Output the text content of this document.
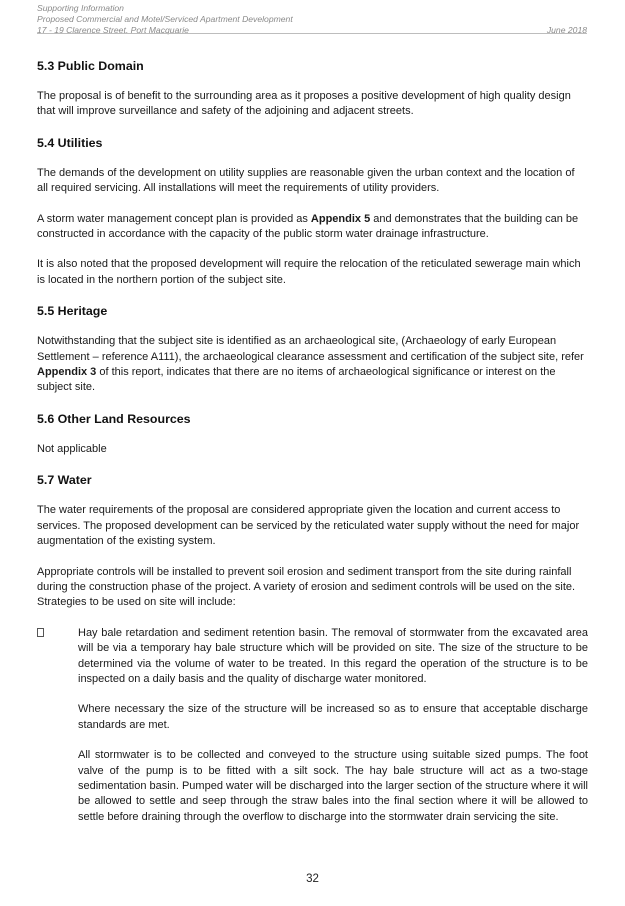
Supporting Information
Proposed Commercial and Motel/Serviced Apartment Development
17 - 19 Clarence Street, Port Macquarie	June 2018
5.3 Public Domain

The proposal is of benefit to the surrounding area as it proposes a positive development of high quality design that will improve surveillance and safety of the adjoining and adjacent streets.

5.4 Utilities

The demands of the development on utility supplies are reasonable given the urban context and the location of all required servicing. All installations will meet the requirements of utility providers.

A storm water management concept plan is provided as Appendix 5 and demonstrates that the building can be constructed in accordance with the capacity of the public storm water drainage infrastructure.

It is also noted that the proposed development will require the relocation of the reticulated sewerage main which is located in the northern portion of the subject site.

5.5 Heritage

Notwithstanding that the subject site is identified as an archaeological site, (Archaeology of early European Settlement – reference A111), the archaeological clearance assessment and certification of the subject site, refer Appendix 3 of this report, indicates that there are no items of archaeological significance or interest on the subject site.

5.6 Other Land Resources

Not applicable

5.7 Water

The water requirements of the proposal are considered appropriate given the location and current access to services. The proposed development can be serviced by the reticulated water supply without the need for major augmentation of the existing system.

Appropriate controls will be installed to prevent soil erosion and sediment transport from the site during rainfall during the construction phase of the project. A variety of erosion and sediment controls will be used on the site. Strategies to be used on site will include:

Hay bale retardation and sediment retention basin. The removal of stormwater from the excavated area will be via a temporary hay bale structure which will be provided on site. The size of the structure to be determined via the volume of water to be treated. In this regard the operation of the structure is to be inspected on a daily basis and the quality of discharge water monitored.

Where necessary the size of the structure will be increased so as to ensure that acceptable discharge standards are met.

All stormwater is to be collected and conveyed to the structure using suitable sized pumps. The foot valve of the pump is to be fitted with a silt sock. The hay bale structure will act as a two-stage sedimentation basin. Pumped water will be discharged into the larger section of the structure where it will be allowed to settle and seep through the straw bales into the final section where it will be allowed to settle before draining through the overflow to discharge into the stormwater drain servicing the site.

32
